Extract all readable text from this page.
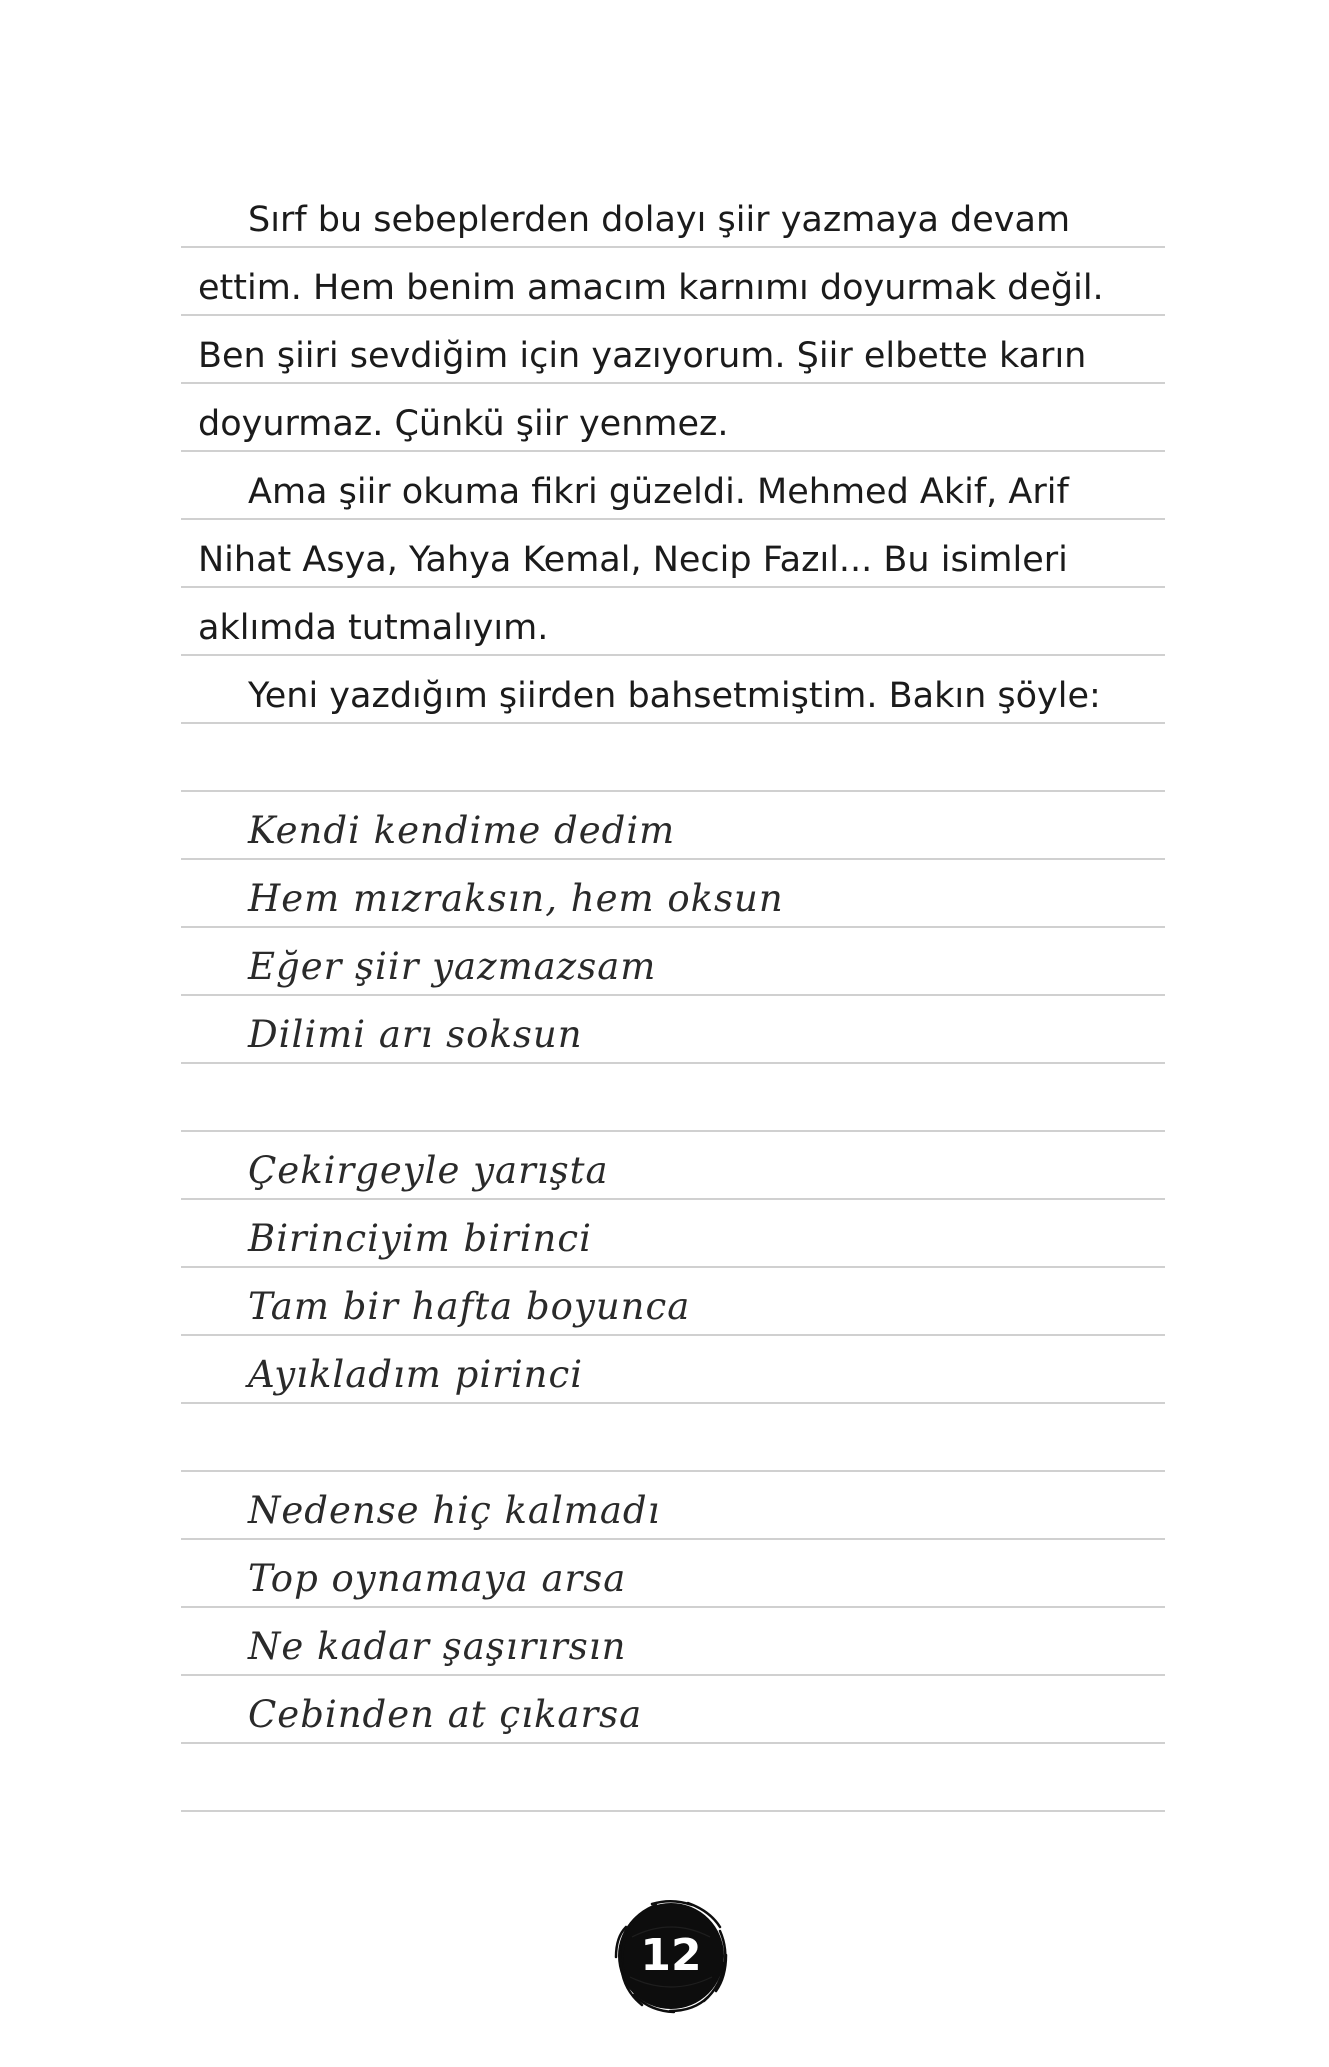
Sırf bu sebeplerden dolayı şiir yazmaya devam
ettim. Hem benim amacım karnımı doyurmak değil.
Ben şiiri sevdiğim için yazıyorum. Şiir elbette karın
doyurmaz. Çünkü şiir yenmez.
Ama şiir okuma fikri güzeldi. Mehmed Akif, Arif
Nihat Asya, Yahya Kemal, Necip Fazıl... Bu isimleri
aklımda tutmalıyım.
Yeni yazdığım şiirden bahsetmiştim. Bakın şöyle:
Kendi kendime dedim
Hem mızraksın, hem oksun
Eğer şiir yazmazsam
Dilimi arı soksun
Çekirgeyle yarışta
Birinciyim birinci
Tam bir hafta boyunca
Ayıkladım pirinci
Nedense hiç kalmadı
Top oynamaya arsa
Ne kadar şaşırırsın
Cebinden at çıkarsa
12
